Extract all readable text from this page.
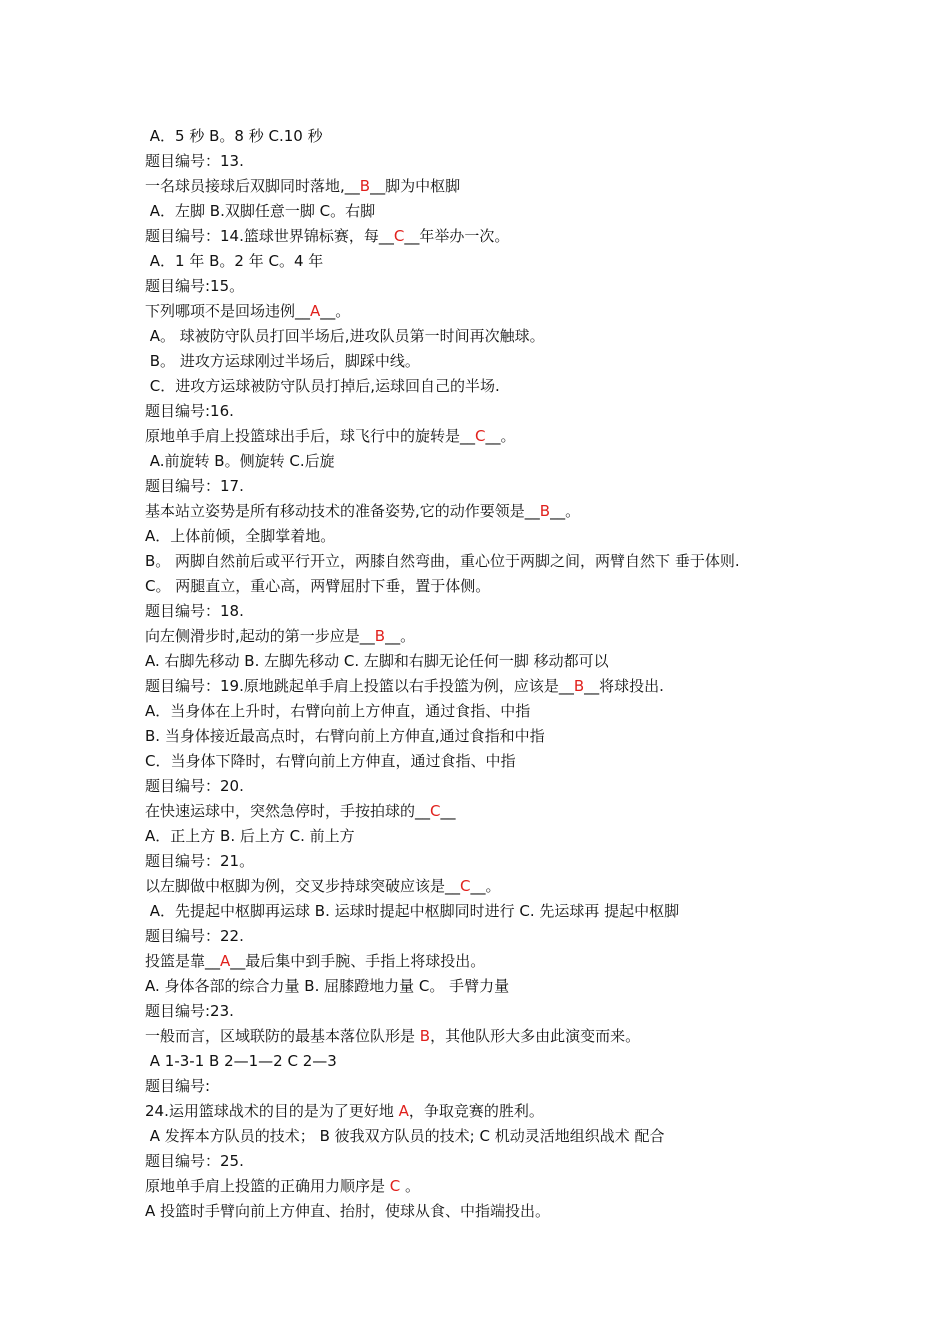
A．5 秒 B。8 秒 C.10 秒
题目编号：13.
一名球员接球后双脚同时落地,__B__脚为中枢脚
A．左脚 B.双脚任意一脚 C。右脚
题目编号：14.篮球世界锦标赛，每__C__年举办一次。
A．1 年 B。2 年 C。4 年
题目编号:15。
下列哪项不是回场违例__A__。
A。 球被防守队员打回半场后,进攻队员第一时间再次触球。
B。 进攻方运球刚过半场后，脚踩中线。
C．进攻方运球被防守队员打掉后,运球回自己的半场.
题目编号:16.
原地单手肩上投篮球出手后，球飞行中的旋转是__C__。
A.前旋转 B。侧旋转 C.后旋
题目编号：17.
基本站立姿势是所有移动技术的准备姿势,它的动作要领是__B__。
A．上体前倾，全脚掌着地。
B。 两脚自然前后或平行开立，两膝自然弯曲，重心位于两脚之间，两臂自然下 垂于体则.
C。 两腿直立，重心高，两臂屈肘下垂，置于体侧。
题目编号：18.
向左侧滑步时,起动的第一步应是__B__。
A. 右脚先移动 B. 左脚先移动 C. 左脚和右脚无论任何一脚 移动都可以
题目编号：19.原地跳起单手肩上投篮以右手投篮为例，应该是__B__将球投出.
A．当身体在上升时，右臂向前上方伸直，通过食指、中指
B. 当身体接近最高点时，右臂向前上方伸直,通过食指和中指
C．当身体下降时，右臂向前上方伸直，通过食指、中指
题目编号：20.
在快速运球中，突然急停时，手按拍球的__C__
A．正上方 B. 后上方 C. 前上方
题目编号：21。
以左脚做中枢脚为例，交叉步持球突破应该是__C__。
A．先提起中枢脚再运球 B. 运球时提起中枢脚同时进行 C. 先运球再 提起中枢脚
题目编号：22.
投篮是靠__A__最后集中到手腕、手指上将球投出。
A. 身体各部的综合力量 B. 屈膝蹬地力量 C。 手臂力量
题目编号:23.
一般而言，区域联防的最基本落位队形是 B，其他队形大多由此演变而来。
A 1-3-1 B 2—1—2 C 2—3
题目编号:
24.运用篮球战术的目的是为了更好地 A，争取竞赛的胜利。
A 发挥本方队员的技术； B 彼我双方队员的技术; C 机动灵活地组织战术 配合
题目编号：25.
原地单手肩上投篮的正确用力顺序是 C 。
A 投篮时手臂向前上方伸直、抬肘，使球从食、中指端投出。
